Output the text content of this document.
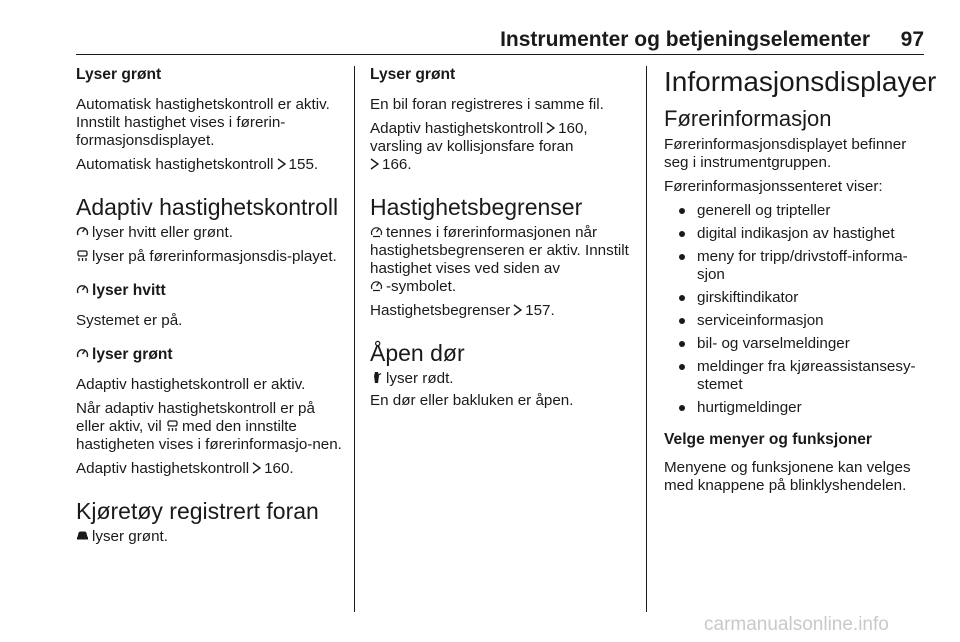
Instrumenter og betjeningselementer 97

Lyser grønt

Automatisk hastighetskontroll er aktiv. Innstilt hastighet vises i førerin-formasjonsdisplayet.

Automatisk hastighetskontroll 155.

Adaptiv hastighetskontroll

lyser hvitt eller grønt.

lyser på førerinformasjonsdis-playet.

lyser hvitt

Systemet er på.

lyser grønt

Adaptiv hastighetskontroll er aktiv.

Når adaptiv hastighetskontroll er på eller aktiv, vil med den innstilte hastigheten vises i førerinformasjo-nen.

Adaptiv hastighetskontroll 160.

Kjøretøy registrert foran

lyser grønt.

Lyser grønt

En bil foran registreres i samme fil.

Adaptiv hastighetskontroll 160, varsling av kollisjonsfare foran

166.

Hastighetsbegrenser

tennes i førerinformasjonen når hastighetsbegrenseren er aktiv. Innstilt hastighet vises ved siden av

-symbolet.

Hastighetsbegrenser 157.

Åpen dør

lyser rødt.

En dør eller bakluken er åpen.

Informasjonsdisplayer

Førerinformasjon

Førerinformasjonsdisplayet befinner seg i instrumentgruppen.

Førerinformasjonssenteret viser:

generell og tripteller
digital indikasjon av hastighet
meny for tripp/drivstoff-informa-sjon
girskiftindikator
serviceinformasjon
bil- og varselmeldinger
meldinger fra kjøreassistansesy-stemet
hurtigmeldinger

Velge menyer og funksjoner

Menyene og funksjonene kan velges med knappene på blinklyshendelen.

carmanualsonline.info
